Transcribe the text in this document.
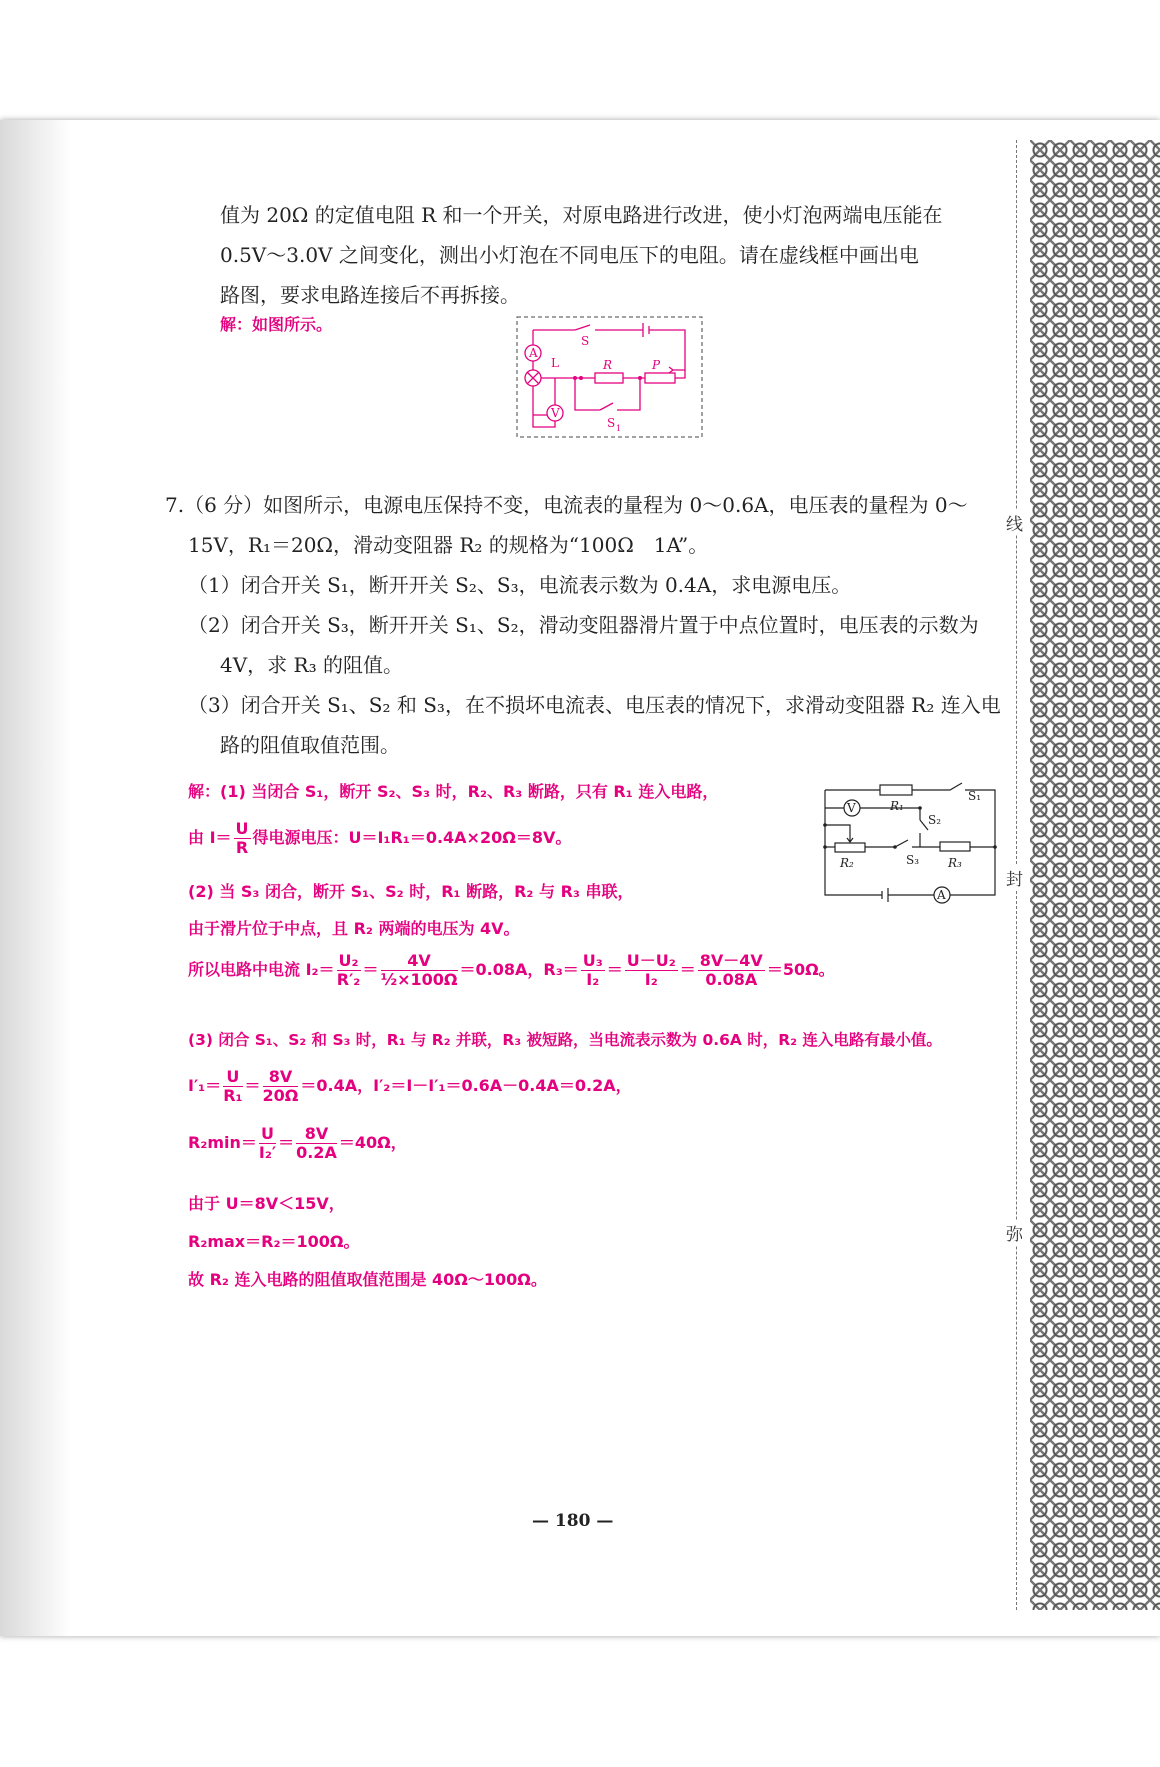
线
封
弥
值为 20Ω 的定值电阻 R 和一个开关，对原电路进行改进，使小灯泡两端电压能在
0.5V～3.0V 之间变化，测出小灯泡在不同电压下的电阻。请在虚线框中画出电
路图，要求电路连接后不再拆接。
解：如图所示。
A
V
L
S
R	P
S 1
7.（6 分）如图所示，电源电压保持不变，电流表的量程为 0～0.6A，电压表的量程为 0～
15V，R₁＝20Ω，滑动变阻器 R₂ 的规格为“100Ω　1A”。
（1）闭合开关 S₁，断开开关 S₂、S₃，电流表示数为 0.4A，求电源电压。
（2）闭合开关 S₃，断开开关 S₁、S₂，滑动变阻器滑片置于中点位置时，电压表的示数为
4V，求 R₃ 的阻值。
（3）闭合开关 S₁、S₂ 和 S₃，在不损坏电流表、电压表的情况下，求滑动变阻器 R₂ 连入电
路的阻值取值范围。
V	R₁
S₁
S₂
R₂	S₃ R₃
A
解：(1) 当闭合 S₁，断开 S₂、S₃ 时，R₂、R₃ 断路，只有 R₁ 连入电路，
由 $I= \frac{U}{R}$ 得电源电压：U＝I₁R₁＝0.4A×20Ω＝8V。
(2) 当 S₃ 闭合，断开 S₁、S₂ 时，R₁ 断路，R₂ 与 R₃ 串联，
由于滑片位于中点，且 R₂ 两端的电压为 4V。
所以电路中电流 $I_2= \frac{\text{U₂}}{\text{R′₂}} = \frac{4V}{\text{½×100Ω}} =0.08A$，$R_3= \frac{\text{U₃}}{\text{I₂}} = \frac{\text{U－U₂}}{\text{I₂}} = \frac{8V-4V}{0.08A} =50\Omega$。
(3) 闭合 S₁、S₂ 和 S₃ 时，R₁ 与 R₂ 并联，R₃ 被短路，当电流表示数为 0.6A 时，R₂ 连入电路有最小值。
$I'_1= \frac{U}{\text{R₁}} = \frac{8V}{20\Omega} =0.4A$，I′₂＝I－I′₁＝0.6A－0.4A＝0.2A，
$R_2\min= \frac{U}{\text{I₂′}} = \frac{8V}{0.2A} =40\Omega$，
由于 U＝8V＜15V，
R₂max＝R₂＝100Ω。
故 R₂ 连入电路的阻值取值范围是 40Ω～100Ω。
— 180 —
